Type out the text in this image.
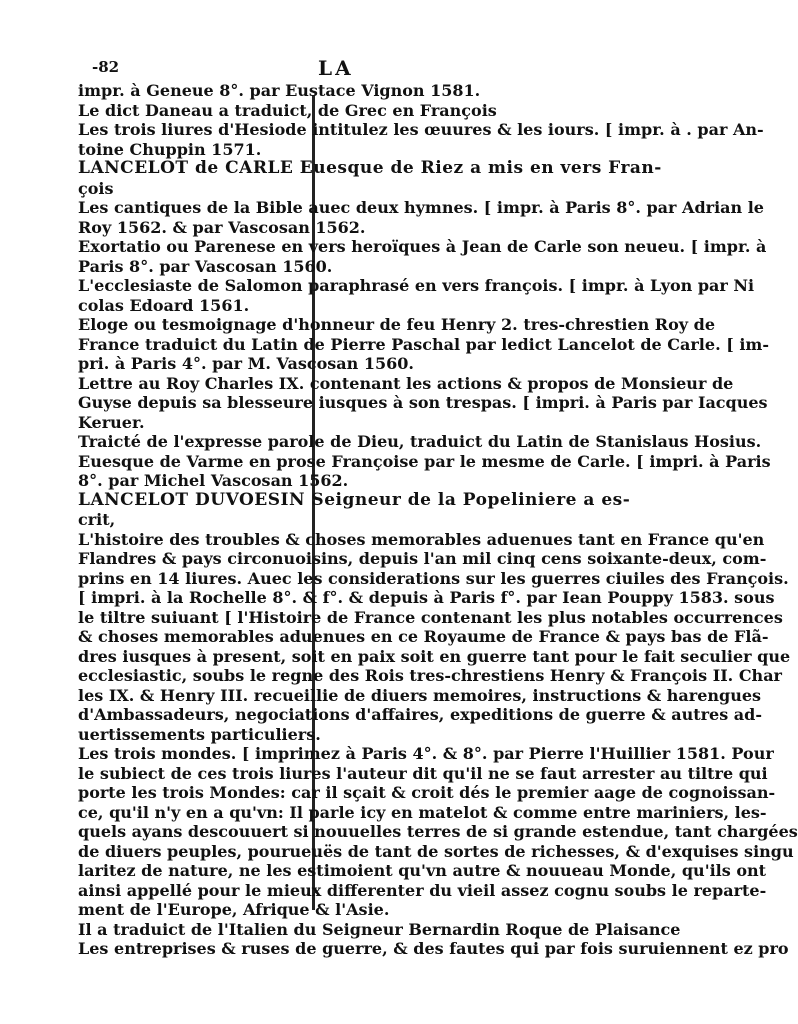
-82	LA
impr. à Geneue 8°. par Eustace Vignon 1581.
Le dict Daneau a traduict, de Grec en François
Les trois liures d'Hesiode intitulez les œuures & les iours. [ impr. à . par An-
toine Chuppin 1571.
LANCELOT de CARLE Euesque de Riez a mis en vers Fran-
çois
Les cantiques de la Bible auec deux hymnes. [ impr. à Paris 8°. par Adrian le
Roy 1562. & par Vascosan 1562.
Exortatio ou Parenese en vers heroïques à Jean de Carle son neueu. [ impr. à
Paris 8°. par Vascosan 1560.
L'ecclesiaste de Salomon paraphrasé en vers françois. [ impr. à Lyon par Ni
colas Edoard 1561.
Eloge ou tesmoignage d'honneur de feu Henry 2. tres-chrestien Roy de
France traduict du Latin de Pierre Paschal par ledict Lancelot de Carle. [ im-
pri. à Paris 4°. par M. Vascosan 1560.
Lettre au Roy Charles IX. contenant les actions & propos de Monsieur de
Guyse depuis sa blesseure iusques à son trespas. [ impri. à Paris par Iacques
Keruer.
Traicté de l'expresse parole de Dieu, traduict du Latin de Stanislaus Hosius.
Euesque de Varme en prose Françoise par le mesme de Carle. [ impri. à Paris
8°. par Michel Vascosan 1562.
LANCELOT DUVOESIN Seigneur de la Popeliniere a es-
crit,
L'histoire des troubles & choses memorables aduenues tant en France qu'en
Flandres & pays circonuoisins, depuis l'an mil cinq cens soixante-deux, com-
prins en 14 liures. Auec les considerations sur les guerres ciuiles des François.
[ impri. à la Rochelle 8°. & f°. & depuis à Paris f°. par Iean Pouppy 1583. sous
le tiltre suiuant [ l'Histoire de France contenant les plus notables occurrences
& choses memorables aduenues en ce Royaume de France & pays bas de Flã-
dres iusques à present, soit en paix soit en guerre tant pour le fait seculier que
ecclesiastic, soubs le regne des Rois tres-chrestiens Henry & François II. Char
les IX. & Henry III. recueillie de diuers memoires, instructions & harengues
d'Ambassadeurs, negociations d'affaires, expeditions de guerre & autres ad-
uertissements particuliers.
Les trois mondes. [ imprimez à Paris 4°. & 8°. par Pierre l'Huillier 1581. Pour
le subiect de ces trois liures l'auteur dit qu'il ne se faut arrester au tiltre qui
porte les trois Mondes: car il sçait & croit dés le premier aage de cognoissan-
ce, qu'il n'y en a qu'vn: Il parle icy en matelot & comme entre mariniers, les-
quels ayans descouuert si nouuelles terres de si grande estendue, tant chargées
de diuers peuples, pourueuës de tant de sortes de richesses, & d'exquises singu
laritez de nature, ne les estimoient qu'vn autre & nouueau Monde, qu'ils ont
ainsi appellé pour le mieux differenter du vieil assez cognu soubs le reparte-
ment de l'Europe, Afrique & l'Asie.
Il a traduict de l'Italien du Seigneur Bernardin Roque de Plaisance
Les entreprises & ruses de guerre, & des fautes qui par fois suruiennent ez pro
